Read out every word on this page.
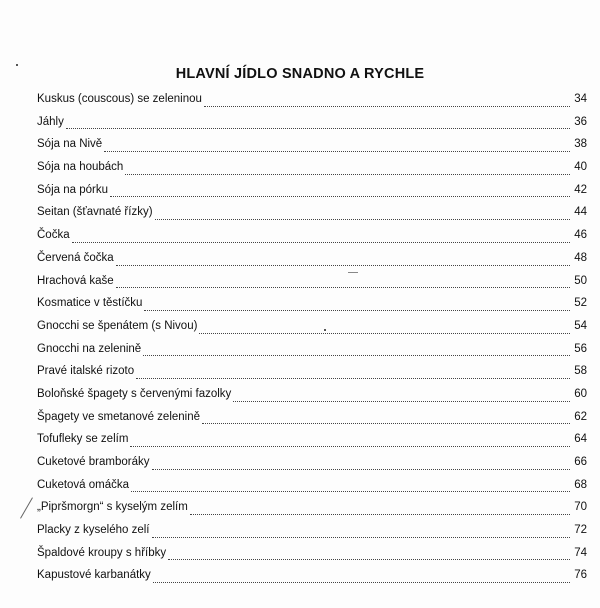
HLAVNÍ JÍDLO SNADNO A RYCHLE
Kuskus (couscous) se zeleninou	34
Jáhly	36
Sója na Nivě	38
Sója na houbách	40
Sója na pórku	42
Seitan (šťavnaté řízky)	44
Čočka	46
Červená čočka	48
Hrachová kaše	50
Kosmatice v těstíčku	52
Gnocchi se špenátem (s Nivou)	54
Gnocchi na zelenině	56
Pravé italské rizoto	58
Boloňské špagety s červenými fazolky	60
Špagety ve smetanové zelenině	62
Tofufleky se zelím	64
Cuketové bramboráky	66
Cuketová omáčka	68
„Pipršmorgn“ s kyselým zelím	70
Placky z kyselého zelí	72
Špaldové kroupy s hříbky	74
Kapustové karbanátky	76
